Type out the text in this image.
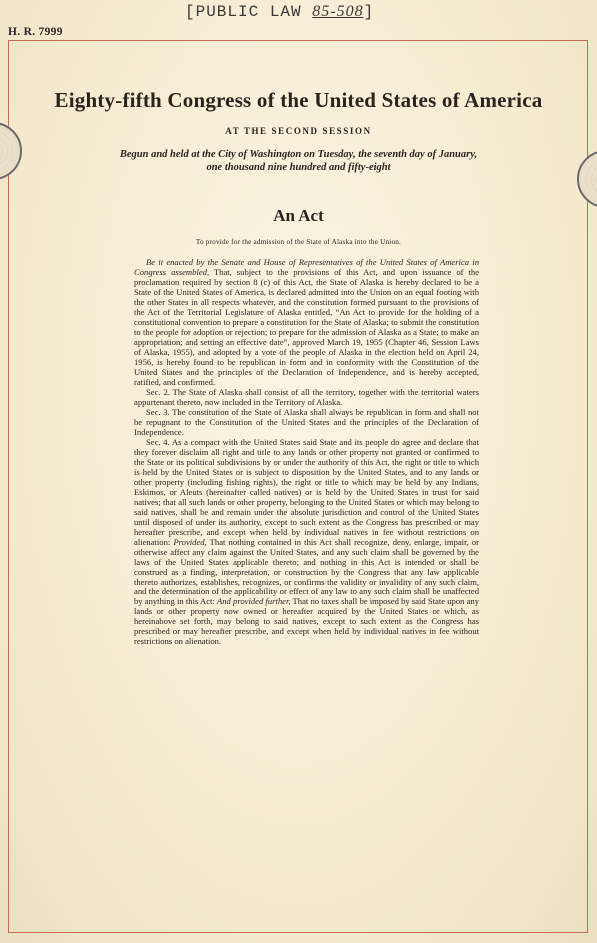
[PUBLIC LAW 85-508]
H. R. 7999
Eighty-fifth Congress of the United States of America
AT THE SECOND SESSION
Begun and held at the City of Washington on Tuesday, the seventh day of January,
one thousand nine hundred and fifty-eight
An Act
To provide for the admission of the State of Alaska into the Union.

Be it enacted by the Senate and House of Representatives of the United States of America in Congress assembled, That, subject to the provisions of this Act, and upon issuance of the proclamation required by section 8 (c) of this Act, the State of Alaska is hereby declared to be a State of the United States of America, is declared admitted into the Union on an equal footing with the other States in all respects whatever, and the constitution formed pursuant to the provisions of the Act of the Territorial Legislature of Alaska entitled, “An Act to provide for the holding of a constitutional convention to prepare a constitution for the State of Alaska; to submit the constitution to the people for adoption or rejection; to prepare for the admission of Alaska as a State; to make an appropriation; and setting an effective date”, approved March 19, 1955 (Chapter 46, Session Laws of Alaska, 1955), and adopted by a vote of the people of Alaska in the election held on April 24, 1956, is hereby found to be republican in form and in conformity with the Constitution of the United States and the principles of the Declaration of Independence, and is hereby accepted, ratified, and confirmed.

Sec. 2. The State of Alaska shall consist of all the territory, together with the territorial waters appurtenant thereto, now included in the Territory of Alaska.

Sec. 3. The constitution of the State of Alaska shall always be republican in form and shall not be repugnant to the Constitution of the United States and the principles of the Declaration of Independence.

Sec. 4. As a compact with the United States said State and its people do agree and declare that they forever disclaim all right and title to any lands or other property not granted or confirmed to the State or its political subdivisions by or under the authority of this Act, the right or title to which is held by the United States or is subject to disposition by the United States, and to any lands or other property (including fishing rights), the right or title to which may be held by any Indians, Eskimos, or Aleuts (hereinafter called natives) or is held by the United States in trust for said natives; that all such lands or other property, belonging to the United States or which may belong to said natives, shall be and remain under the absolute jurisdiction and control of the United States until disposed of under its authority, except to such extent as the Congress has prescribed or may hereafter prescribe, and except when held by individual natives in fee without restrictions on alienation: Provided, That nothing contained in this Act shall recognize, deny, enlarge, impair, or otherwise affect any claim against the United States, and any such claim shall be governed by the laws of the United States applicable thereto; and nothing in this Act is intended or shall be construed as a finding, interpretation, or construction by the Congress that any law applicable thereto authorizes, establishes, recognizes, or confirms the validity or invalidity of any such claim, and the determination of the applicability or effect of any law to any such claim shall be unaffected by anything in this Act: And provided further, That no taxes shall be imposed by said State upon any lands or other property now owned or hereafter acquired by the United States or which, as hereinabove set forth, may belong to said natives, except to such extent as the Congress has prescribed or may hereafter prescribe, and except when held by individual natives in fee without restrictions on alienation.
